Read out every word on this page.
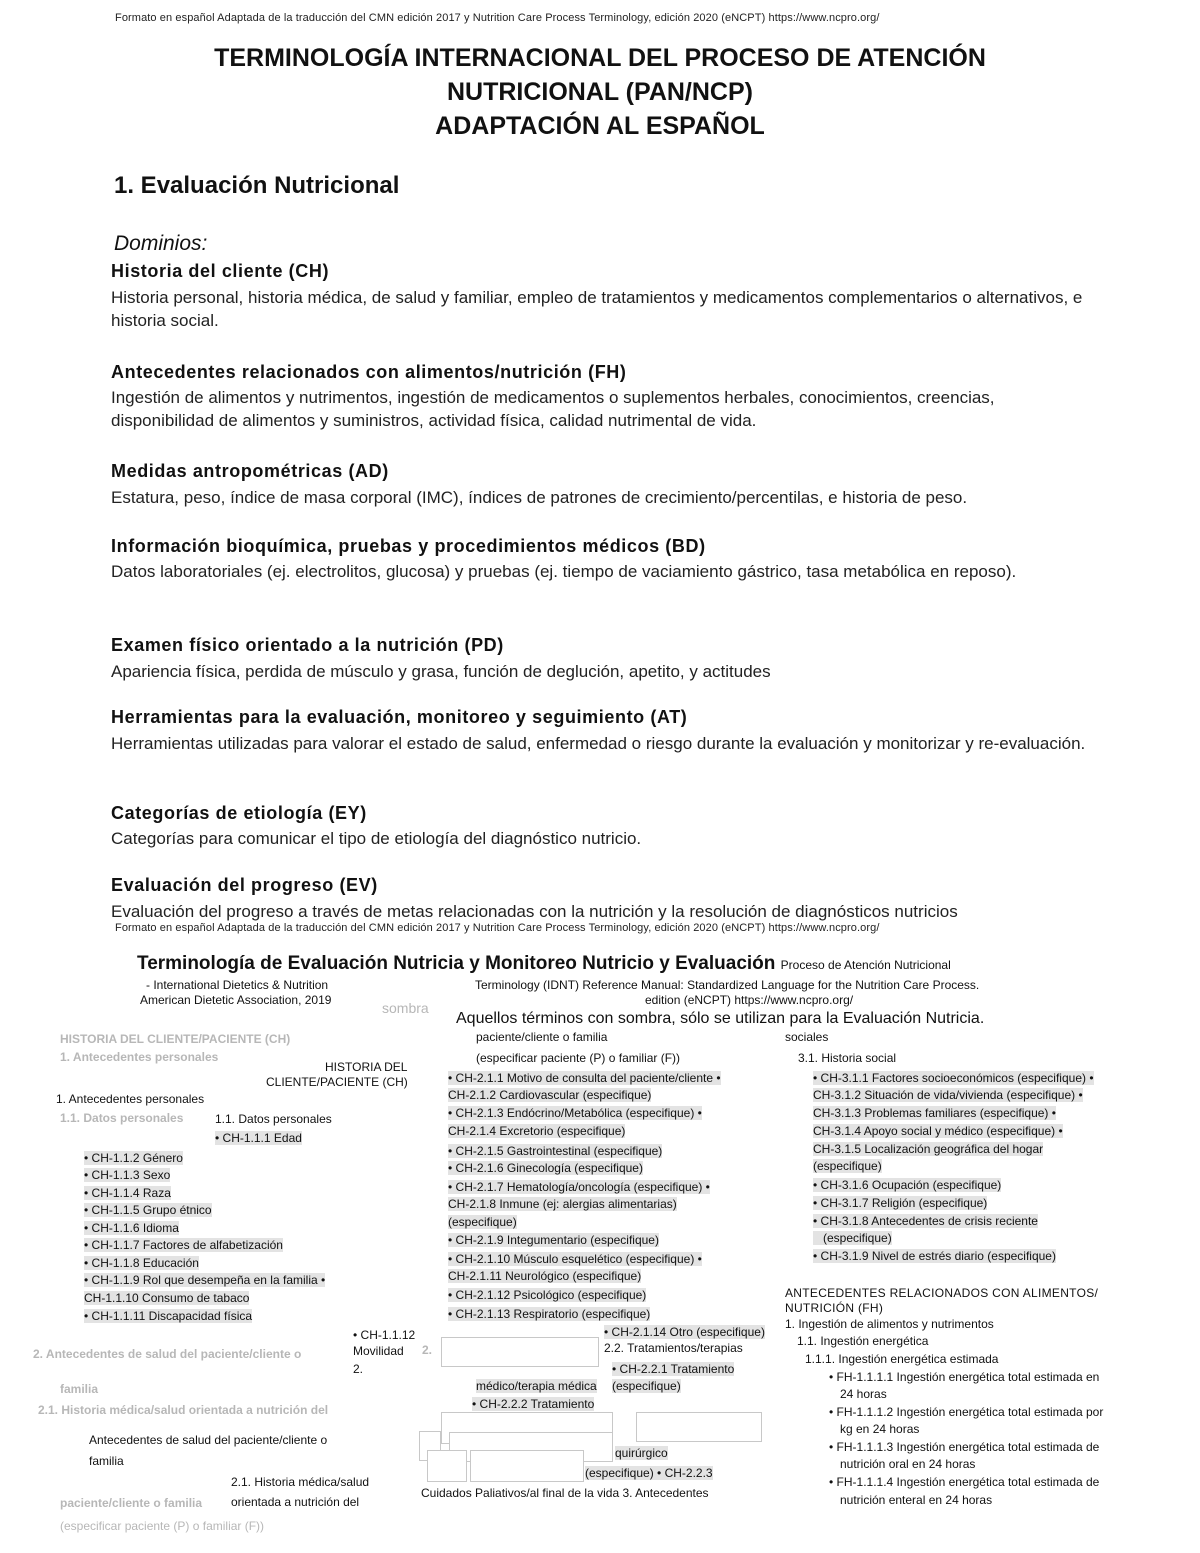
Formato en español Adaptada de la traducción del CMN edición 2017 y Nutrition Care Process Terminology, edición 2020 (eNCPT) https://www.ncpro.org/
TERMINOLOGÍA INTERNACIONAL DEL PROCESO DE ATENCIÓN
NUTRICIONAL (PAN/NCP)
ADAPTACIÓN AL ESPAÑOL
1. Evaluación Nutricional
Dominios:
Historia del cliente (CH)
Historia personal, historia médica, de salud y familiar, empleo de tratamientos y medicamentos complementarios o alternativos, e historia social.
Antecedentes relacionados con alimentos/nutrición (FH)
Ingestión de alimentos y nutrimentos, ingestión de medicamentos o suplementos herbales, conocimientos, creencias, disponibilidad de alimentos y suministros, actividad física, calidad nutrimental de vida.
Medidas antropométricas (AD)
Estatura, peso, índice de masa corporal (IMC), índices de patrones de crecimiento/percentilas, e historia de peso.
Información bioquímica, pruebas y procedimientos médicos (BD)
Datos laboratoriales (ej. electrolitos, glucosa) y pruebas (ej. tiempo de vaciamiento gástrico, tasa metabólica en reposo).
Examen físico orientado a la nutrición (PD)
Apariencia física, perdida de músculo y grasa, función de deglución, apetito, y actitudes
Herramientas para la evaluación, monitoreo y seguimiento (AT)
Herramientas utilizadas para valorar el estado de salud, enfermedad o riesgo durante la evaluación y monitorizar y re-evaluación.
Categorías de etiología (EY)
Categorías para comunicar el tipo de etiología del diagnóstico nutricio.
Evaluación del progreso (EV)
Evaluación del progreso a través de metas relacionadas con la nutrición y la resolución de diagnósticos nutricios
Formato en español Adaptada de la traducción del CMN edición 2017 y Nutrition Care Process Terminology, edición 2020 (eNCPT) https://www.ncpro.org/
Terminología de Evaluación Nutricia y Monitoreo Nutricio y Evaluación Proceso de Atención Nutricional
- International Dietetics & Nutrition
American Dietetic Association, 2019
Terminology (IDNT) Reference Manual: Standardized Language for the Nutrition Care Process.
edition (eNCPT) https://www.ncpro.org/
sombra
Aquellos términos con sombra, sólo se utilizan para la Evaluación Nutricia.
HISTORIA DEL CLIENTE/PACIENTE (CH)
1. Antecedentes personales
HISTORIA DEL
CLIENTE/PACIENTE (CH)
1. Antecedentes personales
1.1. Datos personales	1.1. Datos personales
• CH-1.1.1 Edad
• CH-1.1.2 Género
• CH-1.1.3 Sexo
• CH-1.1.4 Raza
• CH-1.1.5 Grupo étnico
• CH-1.1.6 Idioma
• CH-1.1.7 Factores de alfabetización
• CH-1.1.8 Educación
• CH-1.1.9 Rol que desempeña en la familia •
CH-1.1.10 Consumo de tabaco
• CH-1.1.11 Discapacidad física
• CH-1.1.12
Movilidad
2.
2. Antecedentes de salud del paciente/cliente o
familia
2.1. Historia médica/salud orientada a nutrición del
Antecedentes de salud del paciente/cliente o
familia
2.1. Historia médica/salud
orientada a nutrición del
paciente/cliente o familia
(especificar paciente (P) o familiar (F))
paciente/cliente o familia
(especificar paciente (P) o familiar (F))
• CH-2.1.1 Motivo de consulta del paciente/cliente •
CH-2.1.2 Cardiovascular (especifique)
• CH-2.1.3 Endócrino/Metabólica (especifique) •
CH-2.1.4 Excretorio (especifique)
• CH-2.1.5 Gastrointestinal (especifique)
• CH-2.1.6 Ginecología (especifique)
• CH-2.1.7 Hematología/oncología (especifique) •
CH-2.1.8 Inmune (ej: alergias alimentarias)
(especifique)
• CH-2.1.9 Integumentario (especifique)
• CH-2.1.10 Músculo esquelético (especifique) •
CH-2.1.11 Neurológico (especifique)
• CH-2.1.12 Psicológico (especifique)
• CH-2.1.13 Respiratorio (especifique)
• CH-2.1.14 Otro (especifique)
2.	2.2. Tratamientos/terapias
• CH-2.2.1 Tratamiento
médico/terapia médica (especifique)
• CH-2.2.2 Tratamiento
quirúrgico
(especifique) • CH-2.2.3
Cuidados Paliativos/al final de la vida 3. Antecedentes
sociales
3.1. Historia social
• CH-3.1.1 Factores socioeconómicos (especifique) •
CH-3.1.2 Situación de vida/vivienda (especifique) •
CH-3.1.3 Problemas familiares (especifique) •
CH-3.1.4 Apoyo social y médico (especifique) •
CH-3.1.5 Localización geográfica del hogar
(especifique)
• CH-3.1.6 Ocupación (especifique)
• CH-3.1.7 Religión (especifique)
• CH-3.1.8 Antecedentes de crisis reciente
(especifique)
• CH-3.1.9 Nivel de estrés diario (especifique)
ANTECEDENTES RELACIONADOS CON ALIMENTOS/
NUTRICIÓN (FH)
1. Ingestión de alimentos y nutrimentos
1.1. Ingestión energética
1.1.1. Ingestión energética estimada
• FH-1.1.1.1 Ingestión energética total estimada en
24 horas
• FH-1.1.1.2 Ingestión energética total estimada por
kg en 24 horas
• FH-1.1.1.3 Ingestión energética total estimada de
nutrición oral en 24 horas
• FH-1.1.1.4 Ingestión energética total estimada de
nutrición enteral en 24 horas
